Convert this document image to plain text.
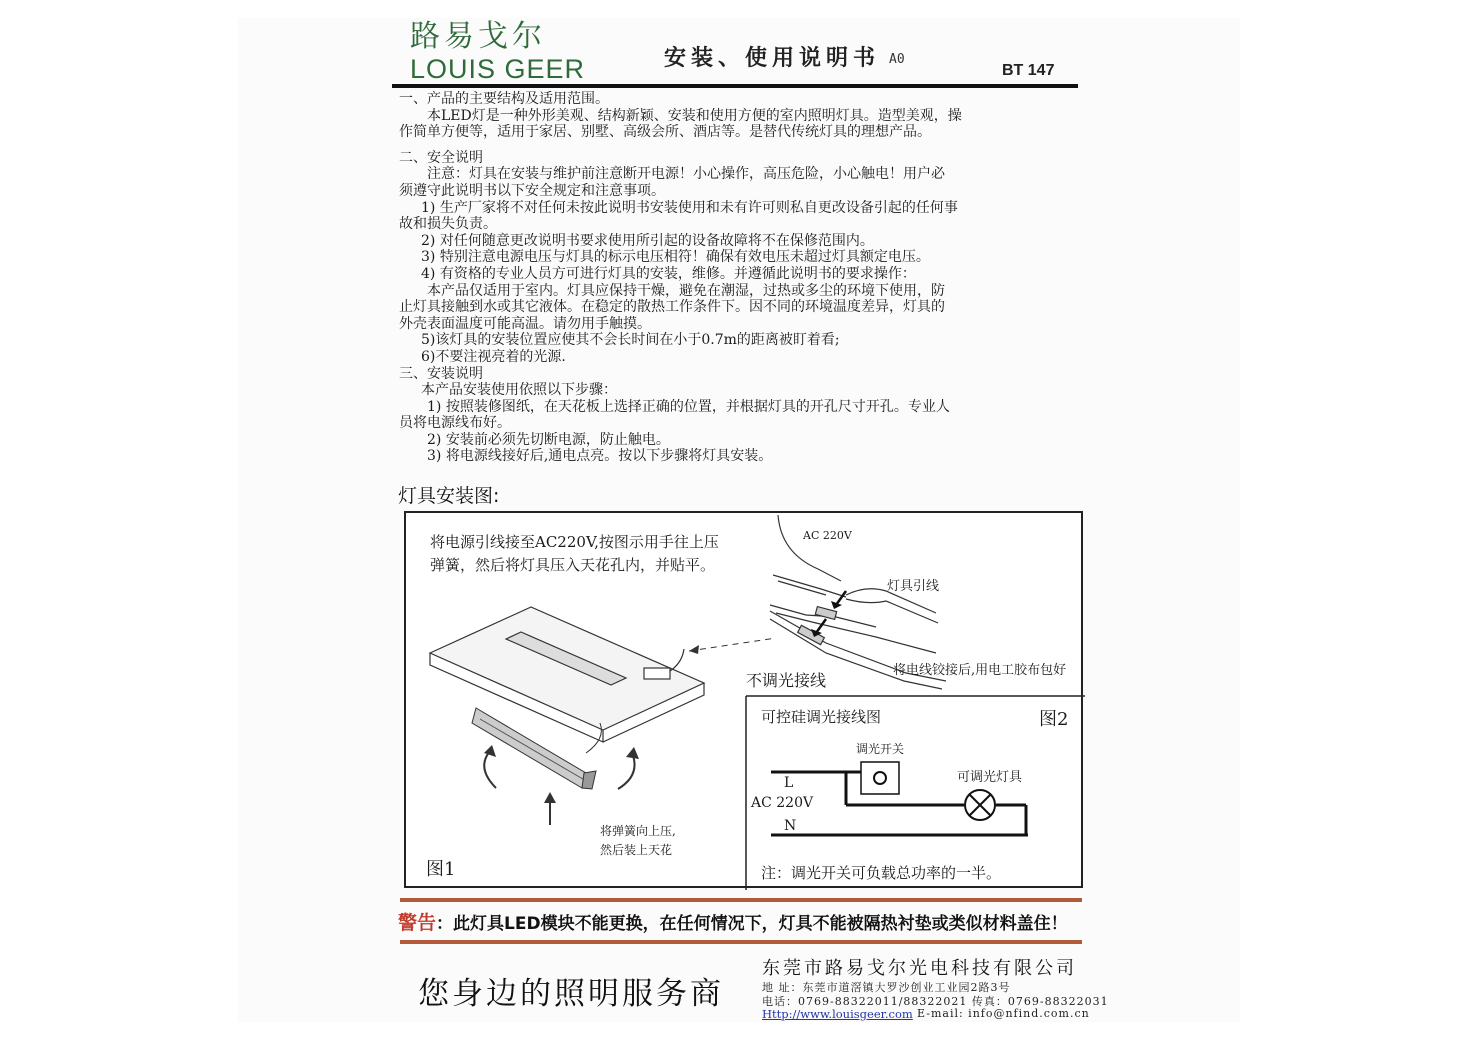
路易戈尔
LOUIS GEER	安装、使用说明书 A0
BT 147

一、产品的主要结构及适用范围。

本LED灯是一种外形美观、结构新颖、安装和使用方便的室内照明灯具。造型美观，操

作简单方便等，适用于家居、别墅、高级会所、酒店等。是替代传统灯具的理想产品。

二、安全说明

注意：灯具在安装与维护前注意断开电源！小心操作，高压危险，小心触电！用户必

须遵守此说明书以下安全规定和注意事项。

1) 生产厂家将不对任何未按此说明书安装使用和未有许可则私自更改设备引起的任何事

故和损失负责。

2) 对任何随意更改说明书要求使用所引起的设备故障将不在保修范围内。

3) 特别注意电源电压与灯具的标示电压相符！确保有效电压未超过灯具额定电压。

4) 有资格的专业人员方可进行灯具的安装，维修。并遵循此说明书的要求操作：

本产品仅适用于室内。灯具应保持干燥，避免在潮湿，过热或多尘的环境下使用，防

止灯具接触到水或其它液体。在稳定的散热工作条件下。因不同的环境温度差异，灯具的

外壳表面温度可能高温。请勿用手触摸。

5)该灯具的安装位置应使其不会长时间在小于0.7m的距离被盯着看;

6)不要注视亮着的光源.

三、安装说明

本产品安装使用依照以下步骤：

1) 按照装修图纸，在天花板上选择正确的位置，并根据灯具的开孔尺寸开孔。专业人

员将电源线布好。

2) 安装前必须先切断电源，防止触电。

3) 将电源线接好后,通电点亮。按以下步骤将灯具安装。

灯具安装图:
将电源引线接至AC220V,按图示用手往上压
弹簧，然后将灯具压入天花孔内，并贴平。
AC 220V
灯具引线
将电线铰接后,用电工胶布包好
不调光接线
将弹簧向上压,
然后装上天花
图1
可控硅调光接线图	图2
调光开关
可调光灯具
L
AC 220V
N
注：调光开关可负载总功率的一半。
警告：此灯具LED模块不能更换，在任何情况下，灯具不能被隔热衬垫或类似材料盖住！
您身边的照明服务商
东莞市路易戈尔光电科技有限公司
地 址：东莞市道滘镇大罗沙创业工业园2路3号
电话：0769-88322011/88322021 传真：0769-88322031
Http://www.louisgeer.com E-mail: info@nfind.com.cn
